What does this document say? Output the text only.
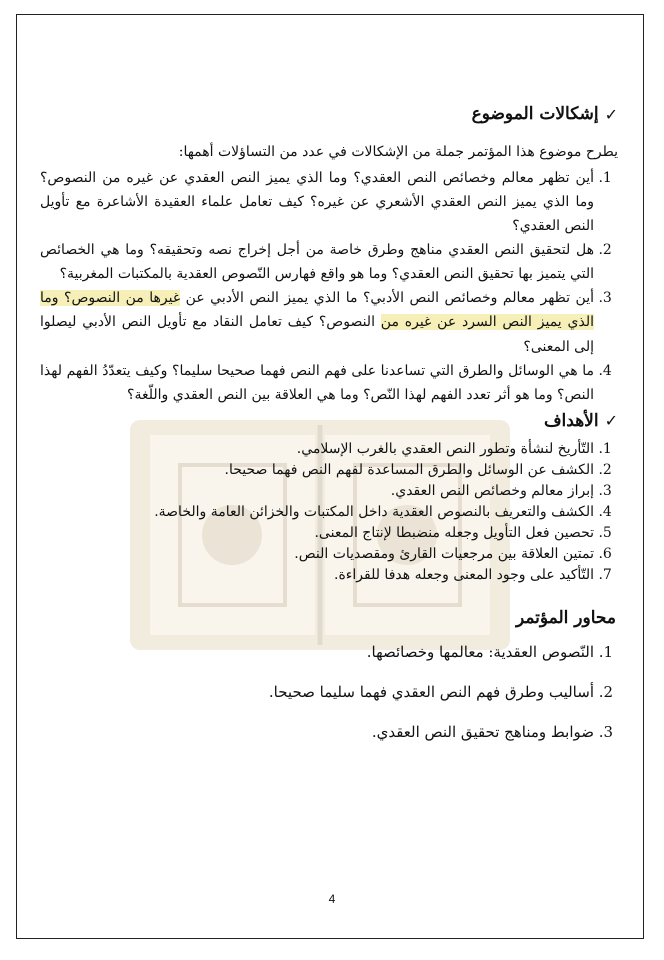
✓
إشكالات الموضوع

يطرح موضوع هذا المؤتمر جملة من الإشكالات في عدد من التساؤلات أهمها:

1. أين تظهر معالم وخصائص النص العقدي؟ وما الذي يميز النص العقدي عن غيره من النصوص؟ وما الذي يميز النص العقدي الأشعري عن غيره؟ كيف تعامل علماء العقيدة الأشاعرة مع تأويل النص العقدي؟
2. هل لتحقيق النص العقدي مناهج وطرق خاصة من أجل إخراج نصه وتحقيقه؟ وما هي الخصائص التي يتميز بها تحقيق النص العقدي؟ وما هو واقع فهارس النّصوص العقدية بالمكتبات المغربية؟
3. أين تظهر معالم وخصائص النص الأدبي؟ ما الذي يميز النص الأدبي عن غيرها من النصوص؟ وما الذي يميز النص السرد عن غيره من النصوص؟ كيف تعامل النقاد مع تأويل النص الأدبي ليصلوا إلى المعنى؟
4. ما هي الوسائل والطرق التي تساعدنا على فهم النص فهما صحيحا سليما؟ وكيف يتعدّدُ الفهم لهذا النص؟ وما هو أثر تعدد الفهم لهذا النّص؟ وما هي العلاقة بين النص العقدي واللّغة؟
✓
الأهداف
1. التّأريخ لنشأة وتطور النص العقدي بالغرب الإسلامي.
2. الكشف عن الوسائل والطرق المساعدة لفهم النص فهما صحيحا.
3. إبراز معالم وخصائص النص العقدي.
4. الكشف والتعريف بالنصوص العقدية داخل المكتبات والخزائن العامة والخاصة.
5. تحصين فعل التأويل وجعله منضبطا لإنتاج المعنى.
6. تمتين العلاقة بين مرجعيات القارئ ومقصديات النص.
7. التّأكيد على وجود المعنى وجعله هدفا للقراءة.
محاور المؤتمر
1. النّصوص العقدية: معالمها وخصائصها.
2. أساليب وطرق فهم النص العقدي فهما سليما صحيحا.
3. ضوابط ومناهج تحقيق النص العقدي.
4
